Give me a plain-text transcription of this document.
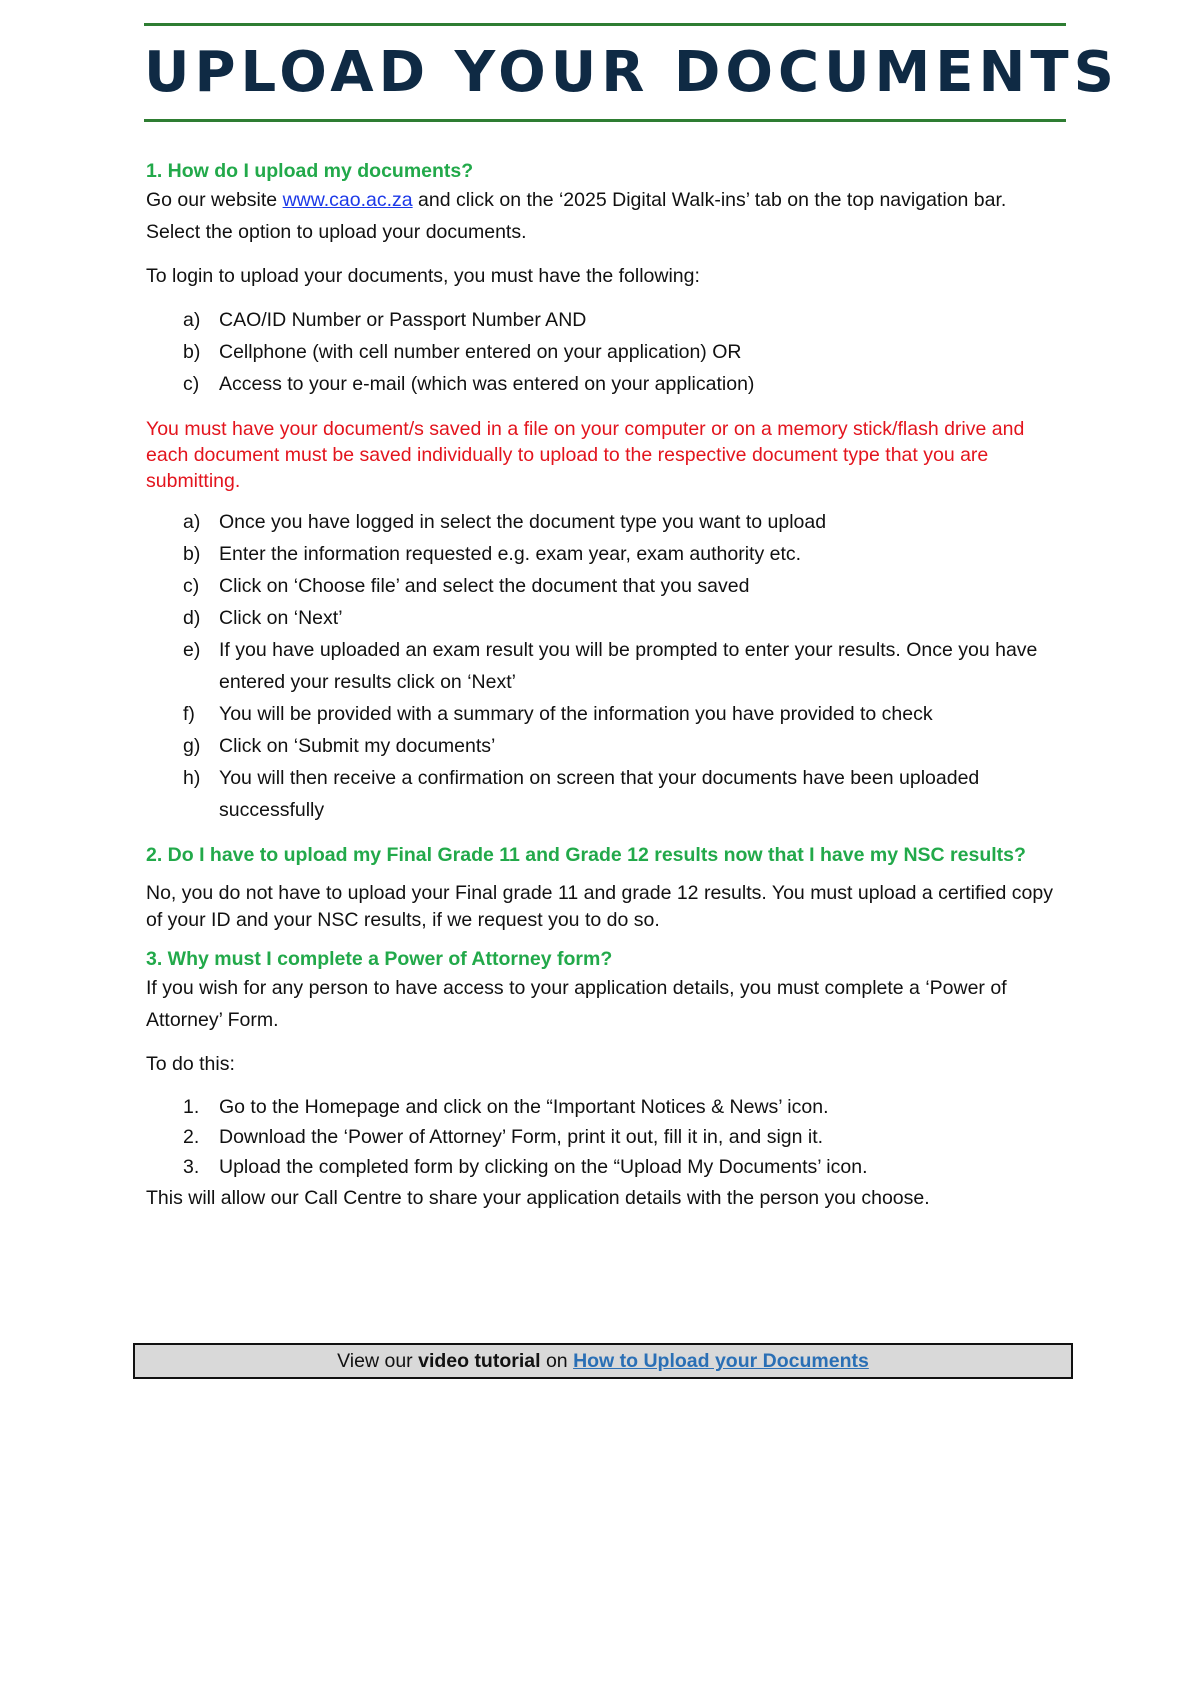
UPLOAD YOUR DOCUMENTS

1. How do I upload my documents?

Go our website www.cao.ac.za and click on the ‘2025 Digital Walk-ins’ tab on the top navigation bar.

Select the option to upload your documents.

To login to upload your documents, you must have the following:

a) CAO/ID Number or Passport Number AND
b) Cellphone (with cell number entered on your application) OR
c) Access to your e-mail (which was entered on your application)

You must have your document/s saved in a file on your computer or on a memory stick/flash drive and each document must be saved individually to upload to the respective document type that you are submitting.

a) Once you have logged in select the document type you want to upload
b) Enter the information requested e.g. exam year, exam authority etc.
c) Click on ‘Choose file’ and select the document that you saved
d) Click on ‘Next’
e) If you have uploaded an exam result you will be prompted to enter your results. Once you have entered your results click on ‘Next’
f) You will be provided with a summary of the information you have provided to check
g) Click on ‘Submit my documents’
h) You will then receive a confirmation on screen that your documents have been uploaded successfully

2. Do I have to upload my Final Grade 11 and Grade 12 results now that I have my NSC results?

No, you do not have to upload your Final grade 11 and grade 12 results. You must upload a certified copy of your ID and your NSC results, if we request you to do so.

3. Why must I complete a Power of Attorney form?

If you wish for any person to have access to your application details, you must complete a ‘Power of Attorney’ Form.

To do this:

1. Go to the Homepage and click on the “Important Notices & News’ icon.
2. Download the ‘Power of Attorney’ Form, print it out, fill it in, and sign it.
3. Upload the completed form by clicking on the “Upload My Documents’ icon.

This will allow our Call Centre to share your application details with the person you choose.

View our video tutorial on How to Upload your Documents
